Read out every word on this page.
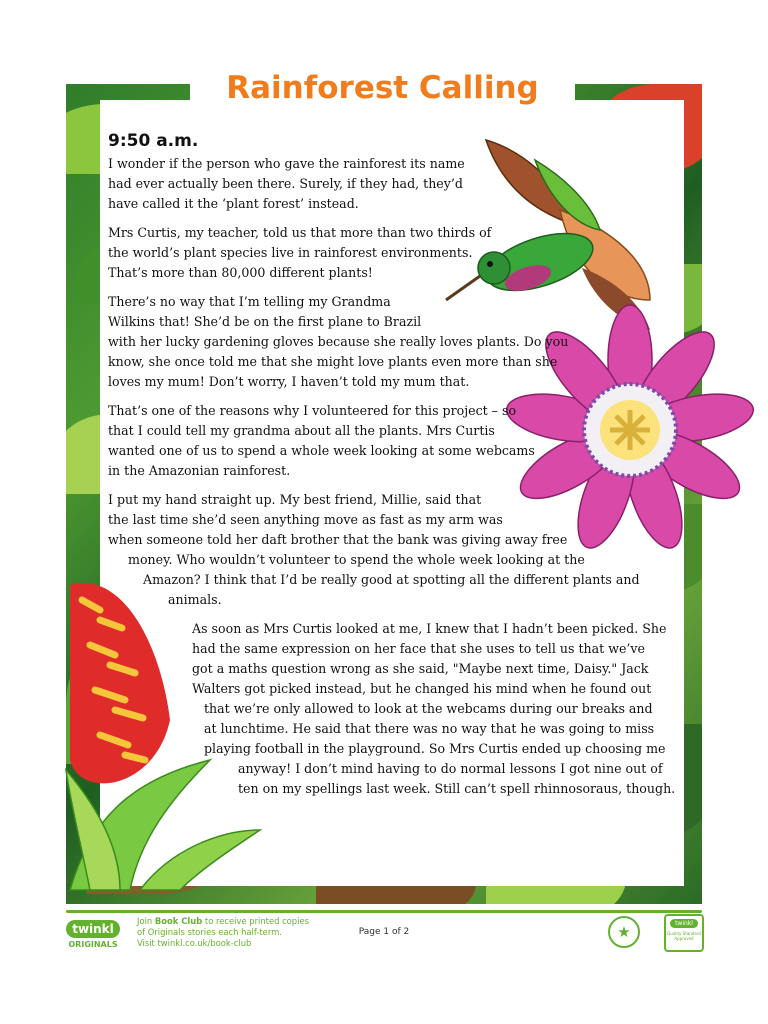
Rainforest Calling
9:50 a.m.

I wonder if the person who gave the rainforest its name
had ever actually been there. Surely, if they had, they’d
have called it the ‘plant forest’ instead.

Mrs Curtis, my teacher, told us that more than two thirds of
the world’s plant species live in rainforest environments.
That’s more than 80,000 different plants!

There’s no way that I’m telling my Grandma
Wilkins that! She’d be on the first plane to Brazil
with her lucky gardening gloves because she really loves plants. Do you
know, she once told me that she might love plants even more than she
loves my mum! Don’t worry, I haven’t told my mum that.

That’s one of the reasons why I volunteered for this project – so
that I could tell my grandma about all the plants. Mrs Curtis
wanted one of us to spend a whole week looking at some webcams
in the Amazonian rainforest.

I put my hand straight up. My best friend, Millie, said that
the last time she’d seen anything move as fast as my arm was
when someone told her daft brother that the bank was giving away free
money. Who wouldn’t volunteer to spend the whole week looking at the
Amazon? I think that I’d be really good at spotting all the different plants and
animals.

As soon as Mrs Curtis looked at me, I knew that I hadn’t been picked. She
had the same expression on her face that she uses to tell us that we’ve
got a maths question wrong as she said, "Maybe next time, Daisy." Jack
Walters got picked instead, but he changed his mind when he found out
that we’re only allowed to look at the webcams during our breaks and
at lunchtime. He said that there was no way that he was going to miss
playing football in the playground. So Mrs Curtis ended up choosing me
anyway! I don’t mind having to do normal lessons I got nine out of
ten on my spellings last week. Still can’t spell rhinnosoraus, though.

twinkl
ORIGINALS
Join Book Club to receive printed copies
of Originals stories each half-term.
Visit twinkl.co.uk/book-club
Page 1 of 2	★	twinkl
Quality Standard Approved
